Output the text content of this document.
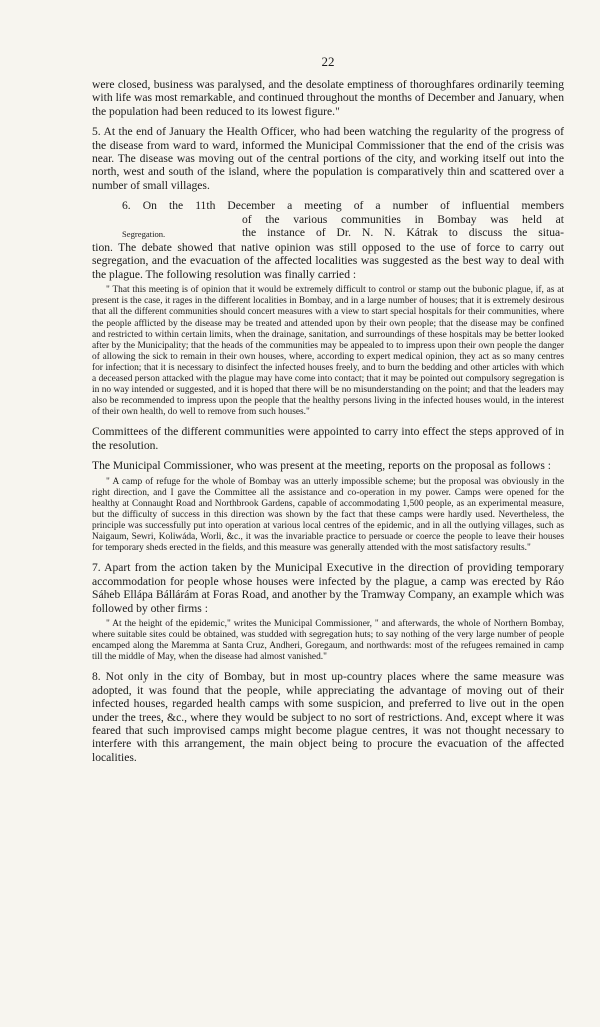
22

were closed, business was paralysed, and the desolate emptiness of thoroughfares ordinarily teeming with life was most remarkable, and continued throughout the months of December and January, when the population had been reduced to its lowest figure."

5. At the end of January the Health Officer, who had been watching the regularity of the progress of the disease from ward to ward, informed the Municipal Commissioner that the end of the crisis was near. The disease was moving out of the central portions of the city, and working itself out into the north, west and south of the island, where the population is comparatively thin and scattered over a number of small villages.

6. On the 11th December a meeting of a number of influential members

Segregation.

of the various communities in Bombay was held at

the instance of Dr. N. N. Kátrak to discuss the situa-

tion. The debate showed that native opinion was still opposed to the use of force to carry out segregation, and the evacuation of the affected localities was suggested as the best way to deal with the plague. The following resolution was finally carried :

" That this meeting is of opinion that it would be extremely difficult to control or stamp out the bubonic plague, if, as at present is the case, it rages in the different localities in Bombay, and in a large number of houses; that it is extremely desirous that all the different communities should concert measures with a view to start special hospitals for their communities, where the people afflicted by the disease may be treated and attended upon by their own people; that the disease may be confined and restricted to within certain limits, when the drainage, sanitation, and surroundings of these hospitals may be better looked after by the Municipality; that the heads of the communities may be appealed to to impress upon their own people the danger of allowing the sick to remain in their own houses, where, according to expert medical opinion, they act as so many centres for infection; that it is necessary to disinfect the infected houses freely, and to burn the bedding and other articles with which a deceased person attacked with the plague may have come into contact; that it may be pointed out compulsory segregation is in no way intended or suggested, and it is hoped that there will be no misunderstanding on the point; and that the leaders may also be recommended to impress upon the people that the healthy persons living in the infected houses would, in the interest of their own health, do well to remove from such houses."

Committees of the different communities were appointed to carry into effect the steps approved of in the resolution.

The Municipal Commissioner, who was present at the meeting, reports on the proposal as follows :

" A camp of refuge for the whole of Bombay was an utterly impossible scheme; but the proposal was obviously in the right direction, and I gave the Committee all the assistance and co-operation in my power. Camps were opened for the healthy at Connaught Road and Northbrook Gardens, capable of accommodating 1,500 people, as an experimental measure, but the difficulty of success in this direction was shown by the fact that these camps were hardly used. Nevertheless, the principle was successfully put into operation at various local centres of the epidemic, and in all the outlying villages, such as Naigaum, Sewri, Koliwáda, Worli, &c., it was the invariable practice to persuade or coerce the people to leave their houses for temporary sheds erected in the fields, and this measure was generally attended with the most satisfactory results."

7. Apart from the action taken by the Municipal Executive in the direction of providing temporary accommodation for people whose houses were infected by the plague, a camp was erected by Ráo Sáheb Ellápa Bállárám at Foras Road, and another by the Tramway Company, an example which was followed by other firms :

" At the height of the epidemic," writes the Municipal Commissioner, " and afterwards, the whole of Northern Bombay, where suitable sites could be obtained, was studded with segregation huts; to say nothing of the very large number of people encamped along the Maremma at Santa Cruz, Andheri, Goregaum, and northwards: most of the refugees remained in camp till the middle of May, when the disease had almost vanished."

8. Not only in the city of Bombay, but in most up-country places where the same measure was adopted, it was found that the people, while appreciating the advantage of moving out of their infected houses, regarded health camps with some suspicion, and preferred to live out in the open under the trees, &c., where they would be subject to no sort of restrictions. And, except where it was feared that such improvised camps might become plague centres, it was not thought necessary to interfere with this arrangement, the main object being to procure the evacuation of the affected localities.
